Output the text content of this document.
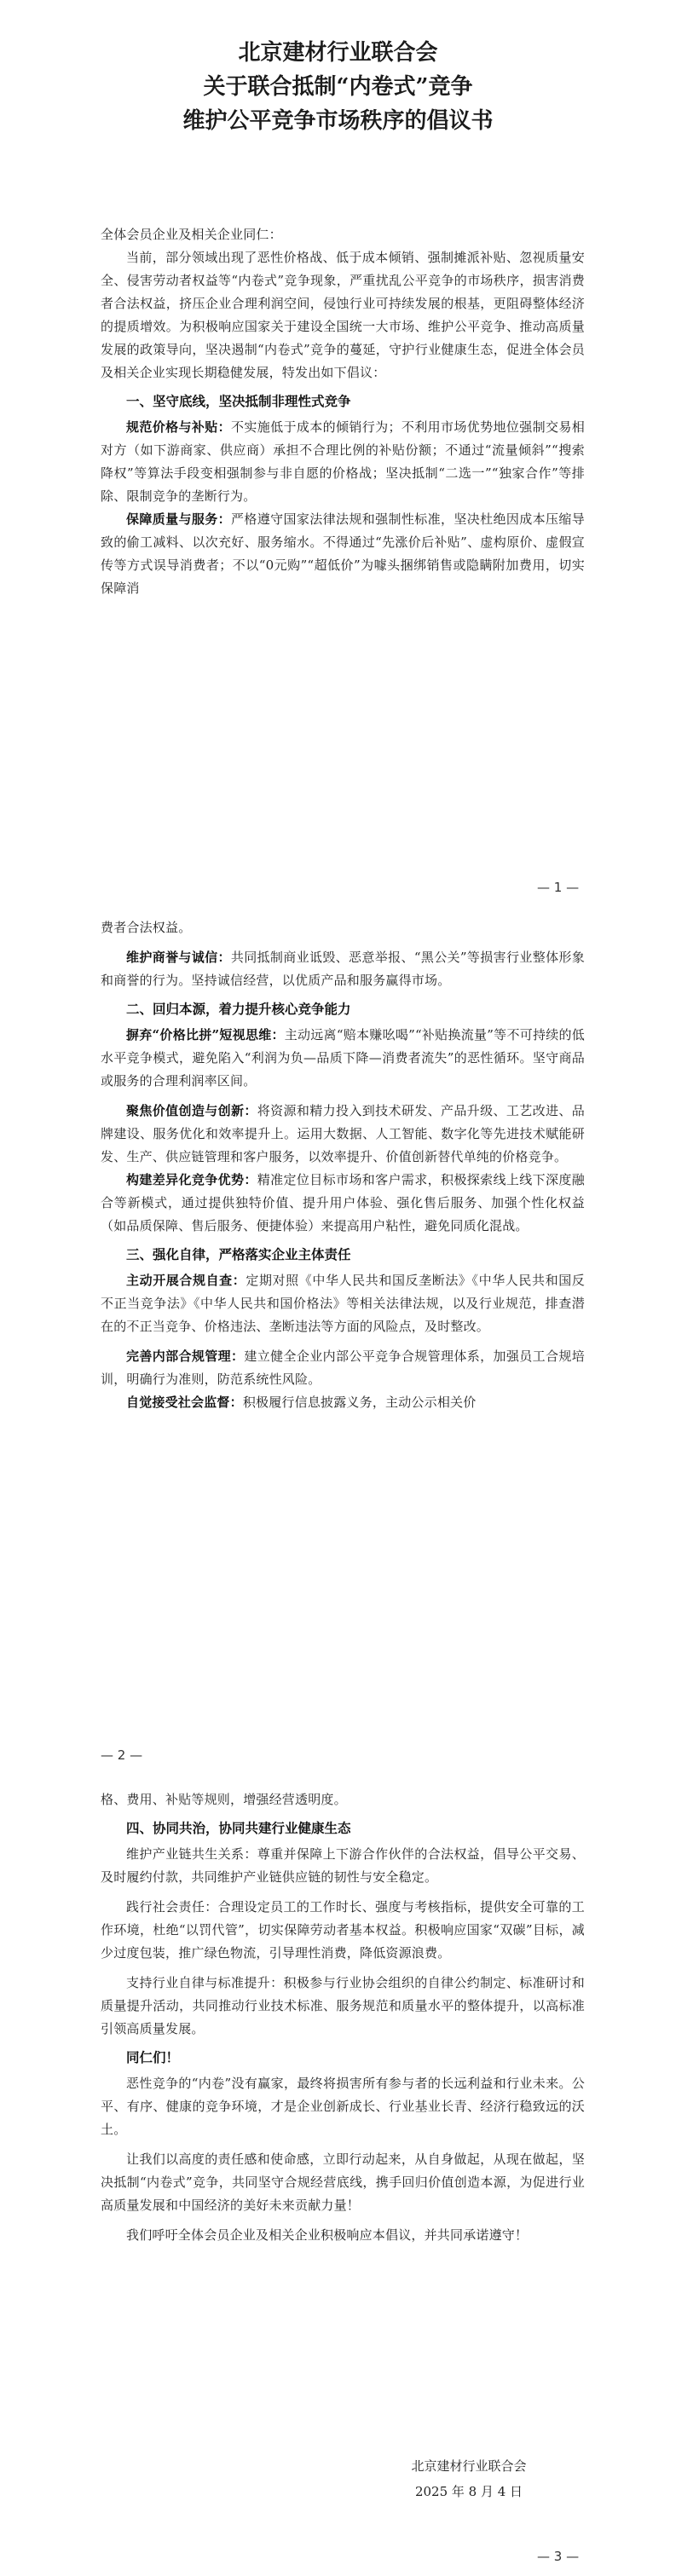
北京建材行业联合会

关于联合抵制“内卷式”竞争

维护公平竞争市场秩序的倡议书

全体会员企业及相关企业同仁：

当前，部分领域出现了恶性价格战、低于成本倾销、强制摊派补贴、忽视质量安全、侵害劳动者权益等“内卷式”竞争现象，严重扰乱公平竞争的市场秩序，损害消费者合法权益，挤压企业合理利润空间，侵蚀行业可持续发展的根基，更阻碍整体经济的提质增效。为积极响应国家关于建设全国统一大市场、维护公平竞争、推动高质量发展的政策导向，坚决遏制“内卷式”竞争的蔓延，守护行业健康生态，促进全体会员及相关企业实现长期稳健发展，特发出如下倡议：

一、坚守底线，坚决抵制非理性式竞争

规范价格与补贴：不实施低于成本的倾销行为；不利用市场优势地位强制交易相对方（如下游商家、供应商）承担不合理比例的补贴份额；不通过“流量倾斜”“搜索降权”等算法手段变相强制参与非自愿的价格战；坚决抵制“二选一”“独家合作”等排除、限制竞争的垄断行为。

保障质量与服务：严格遵守国家法律法规和强制性标准，坚决杜绝因成本压缩导致的偷工减料、以次充好、服务缩水。不得通过“先涨价后补贴”、虚构原价、虚假宣传等方式误导消费者；不以“0元购”“超低价”为噱头捆绑销售或隐瞒附加费用，切实保障消

— 1 —

费者合法权益。

维护商誉与诚信：共同抵制商业诋毁、恶意举报、“黑公关”等损害行业整体形象和商誉的行为。坚持诚信经营，以优质产品和服务赢得市场。

二、回归本源，着力提升核心竞争能力

摒弃“价格比拼”短视思维：主动远离“赔本赚吆喝”“补贴换流量”等不可持续的低水平竞争模式，避免陷入“利润为负—品质下降—消费者流失”的恶性循环。坚守商品或服务的合理利润率区间。

聚焦价值创造与创新：将资源和精力投入到技术研发、产品升级、工艺改进、品牌建设、服务优化和效率提升上。运用大数据、人工智能、数字化等先进技术赋能研发、生产、供应链管理和客户服务，以效率提升、价值创新替代单纯的价格竞争。

构建差异化竞争优势：精准定位目标市场和客户需求，积极探索线上线下深度融合等新模式，通过提供独特价值、提升用户体验、强化售后服务、加强个性化权益（如品质保障、售后服务、便捷体验）来提高用户粘性，避免同质化混战。

三、强化自律，严格落实企业主体责任

主动开展合规自查：定期对照《中华人民共和国反垄断法》《中华人民共和国反不正当竞争法》《中华人民共和国价格法》等相关法律法规，以及行业规范，排查潜在的不正当竞争、价格违法、垄断违法等方面的风险点，及时整改。

完善内部合规管理：建立健全企业内部公平竞争合规管理体系，加强员工合规培训，明确行为准则，防范系统性风险。

自觉接受社会监督：积极履行信息披露义务，主动公示相关价

— 2 —

格、费用、补贴等规则，增强经营透明度。

四、协同共治，协同共建行业健康生态

维护产业链共生关系：尊重并保障上下游合作伙伴的合法权益，倡导公平交易、及时履约付款，共同维护产业链供应链的韧性与安全稳定。

践行社会责任：合理设定员工的工作时长、强度与考核指标，提供安全可靠的工作环境，杜绝“以罚代管”，切实保障劳动者基本权益。积极响应国家“双碳”目标，减少过度包装，推广绿色物流，引导理性消费，降低资源浪费。

支持行业自律与标准提升：积极参与行业协会组织的自律公约制定、标准研讨和质量提升活动，共同推动行业技术标准、服务规范和质量水平的整体提升，以高标准引领高质量发展。

同仁们！

恶性竞争的“内卷”没有赢家，最终将损害所有参与者的长远利益和行业未来。公平、有序、健康的竞争环境，才是企业创新成长、行业基业长青、经济行稳致远的沃土。

让我们以高度的责任感和使命感，立即行动起来，从自身做起，从现在做起，坚决抵制“内卷式”竞争，共同坚守合规经营底线，携手回归价值创造本源，为促进行业高质量发展和中国经济的美好未来贡献力量！

我们呼吁全体会员企业及相关企业积极响应本倡议，并共同承诺遵守！

北京建材行业联合会
2025 年 8 月 4 日
— 3 —
